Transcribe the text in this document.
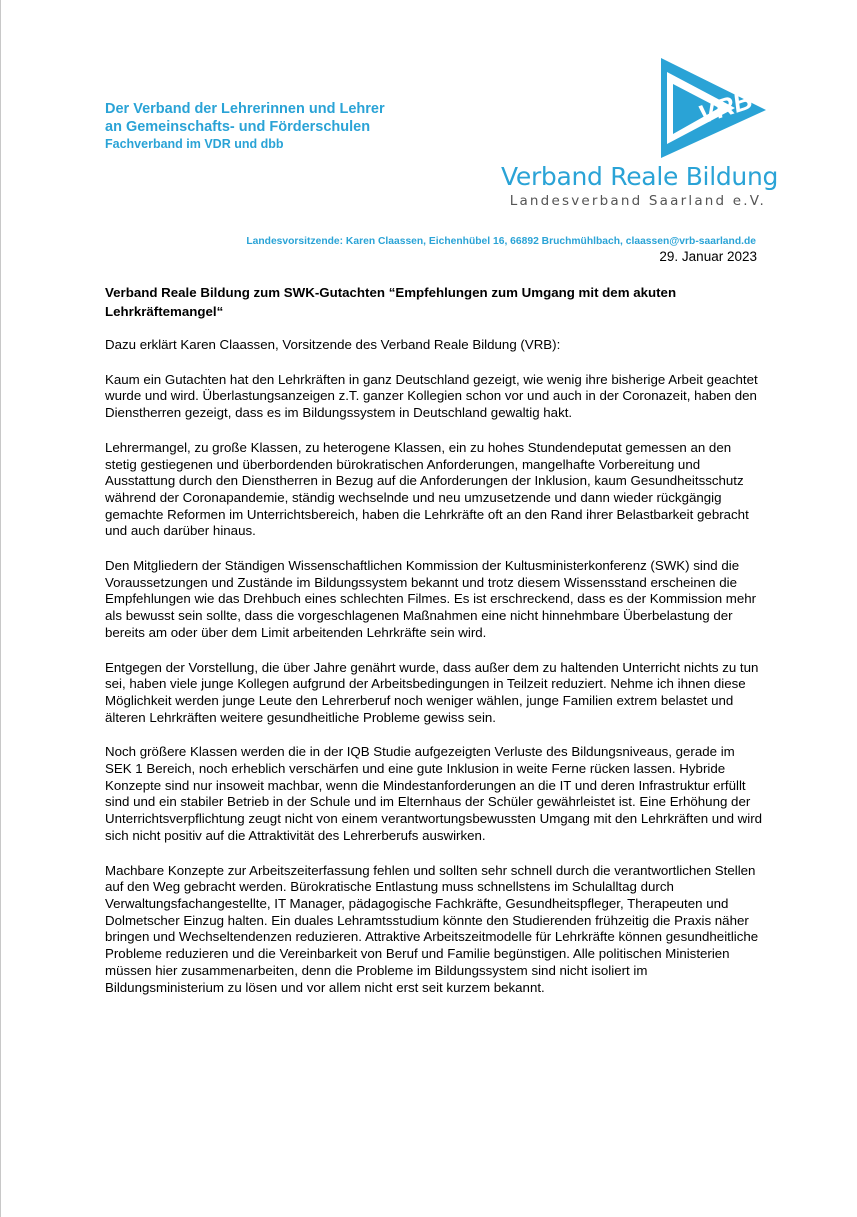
Der Verband der Lehrerinnen und Lehrer

an Gemeinschafts- und Förderschulen

Fachverband im VDR und dbb

VRB
Verband Reale Bildung
Landesverband Saarland e.V.
Landesvorsitzende: Karen Claassen, Eichenhübel 16, 66892 Bruchmühlbach, claassen@vrb-saarland.de
29. Januar 2023

Verband Reale Bildung zum SWK-Gutachten “Empfehlungen zum Umgang mit dem akuten Lehrkräftemangel“

Dazu erklärt Karen Claassen, Vorsitzende des Verband Reale Bildung (VRB):

Kaum ein Gutachten hat den Lehrkräften in ganz Deutschland gezeigt, wie wenig ihre bisherige Arbeit geachtet wurde und wird. Überlastungsanzeigen z.T. ganzer Kollegien schon vor und auch in der Coronazeit, haben den Dienstherren gezeigt, dass es im Bildungssystem in Deutschland gewaltig hakt.

Lehrermangel, zu große Klassen, zu heterogene Klassen, ein zu hohes Stundendeputat gemessen an den stetig gestiegenen und überbordenden bürokratischen Anforderungen, mangelhafte Vorbereitung und Ausstattung durch den Dienstherren in Bezug auf die Anforderungen der Inklusion, kaum Gesundheitsschutz während der Coronapandemie, ständig wechselnde und neu umzusetzende und dann wieder rückgängig gemachte Reformen im Unterrichtsbereich, haben die Lehrkräfte oft an den Rand ihrer Belastbarkeit gebracht und auch darüber hinaus.

Den Mitgliedern der Ständigen Wissenschaftlichen Kommission der Kultusministerkonferenz (SWK) sind die Voraussetzungen und Zustände im Bildungssystem bekannt und trotz diesem Wissensstand erscheinen die Empfehlungen wie das Drehbuch eines schlechten Filmes. Es ist erschreckend, dass es der Kommission mehr als bewusst sein sollte, dass die vorgeschlagenen Maßnahmen eine nicht hinnehmbare Überbelastung der bereits am oder über dem Limit arbeitenden Lehrkräfte sein wird.

Entgegen der Vorstellung, die über Jahre genährt wurde, dass außer dem zu haltenden Unterricht nichts zu tun sei, haben viele junge Kollegen aufgrund der Arbeitsbedingungen in Teilzeit reduziert. Nehme ich ihnen diese Möglichkeit werden junge Leute den Lehrerberuf noch weniger wählen, junge Familien extrem belastet und älteren Lehrkräften weitere gesundheitliche Probleme gewiss sein.

Noch größere Klassen werden die in der IQB Studie aufgezeigten Verluste des Bildungsniveaus, gerade im SEK 1 Bereich, noch erheblich verschärfen und eine gute Inklusion in weite Ferne rücken lassen. Hybride Konzepte sind nur insoweit machbar, wenn die Mindestanforderungen an die IT und deren Infrastruktur erfüllt sind und ein stabiler Betrieb in der Schule und im Elternhaus der Schüler gewährleistet ist. Eine Erhöhung der Unterrichtsverpflichtung zeugt nicht von einem verantwortungsbewussten Umgang mit den Lehrkräften und wird sich nicht positiv auf die Attraktivität des Lehrerberufs auswirken.

Machbare Konzepte zur Arbeitszeiterfassung fehlen und sollten sehr schnell durch die verantwortlichen Stellen auf den Weg gebracht werden. Bürokratische Entlastung muss schnellstens im Schulalltag durch Verwaltungsfachangestellte, IT Manager, pädagogische Fachkräfte, Gesundheitspfleger, Therapeuten und Dolmetscher Einzug halten. Ein duales Lehramtsstudium könnte den Studierenden frühzeitig die Praxis näher bringen und Wechseltendenzen reduzieren. Attraktive Arbeitszeitmodelle für Lehrkräfte können gesundheitliche Probleme reduzieren und die Vereinbarkeit von Beruf und Familie begünstigen. Alle politischen Ministerien müssen hier zusammenarbeiten, denn die Probleme im Bildungssystem sind nicht isoliert im Bildungsministerium zu lösen und vor allem nicht erst seit kurzem bekannt.
